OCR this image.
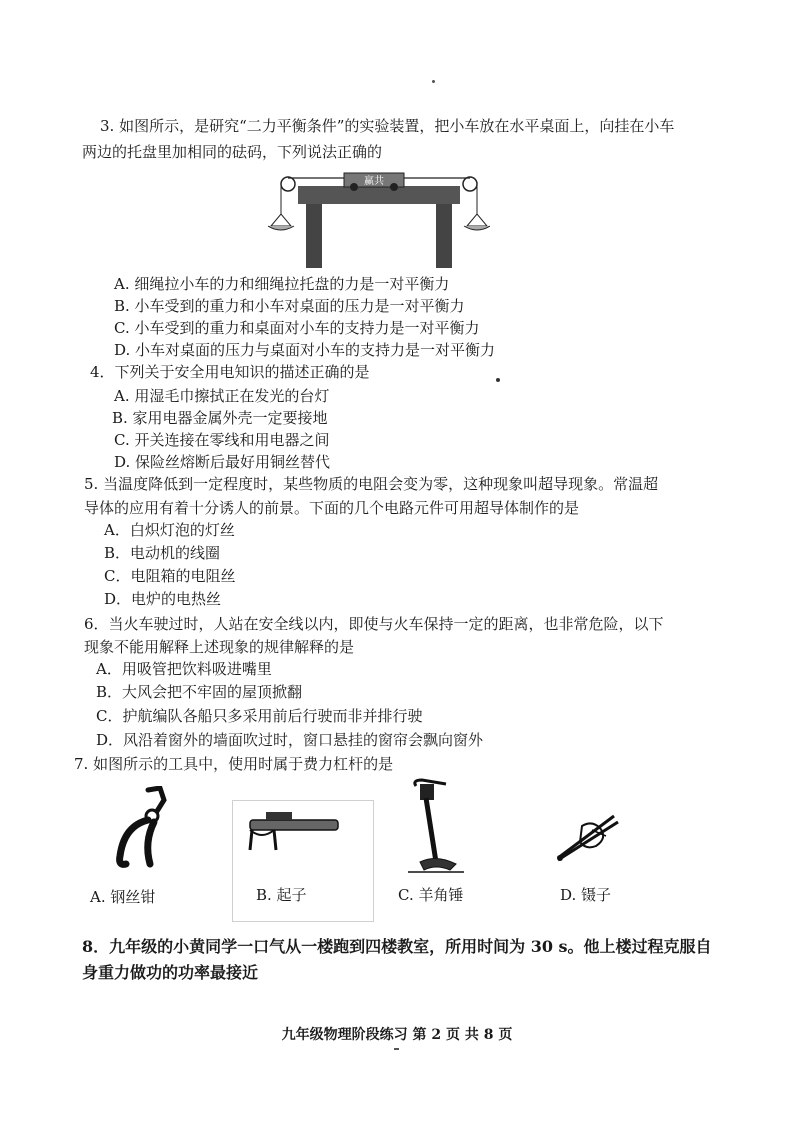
3. 如图所示，是研究“二力平衡条件”的实验装置，把小车放在水平桌面上，向挂在小车
两边的托盘里加相同的砝码，下列说法正确的
赢共
A. 细绳拉小车的力和细绳拉托盘的力是一对平衡力
B. 小车受到的重力和小车对桌面的压力是一对平衡力
C. 小车受到的重力和桌面对小车的支持力是一对平衡力
D. 小车对桌面的压力与桌面对小车的支持力是一对平衡力
4．下列关于安全用电知识的描述正确的是
A. 用湿毛巾擦拭正在发光的台灯
B. 家用电器金属外壳一定要接地
C. 开关连接在零线和用电器之间
D. 保险丝熔断后最好用铜丝替代
5. 当温度降低到一定程度时，某些物质的电阻会变为零，这种现象叫超导现象。常温超
导体的应用有着十分诱人的前景。下面的几个电路元件可用超导体制作的是
A．白炽灯泡的灯丝
B．电动机的线圈
C．电阻箱的电阻丝
D．电炉的电热丝
6．当火车驶过时，人站在安全线以内，即使与火车保持一定的距离，也非常危险，以下
现象不能用解释上述现象的规律解释的是
A．用吸管把饮料吸进嘴里
B．大风会把不牢固的屋顶掀翻
C．护航编队各船只多采用前后行驶而非并排行驶
D．风沿着窗外的墙面吹过时，窗口悬挂的窗帘会飘向窗外
7. 如图所示的工具中，使用时属于费力杠杆的是
A. 钢丝钳	B. 起子	C. 羊角锤	D. 镊子
8．九年级的小黄同学一口气从一楼跑到四楼教室，所用时间为 30 s。他上楼过程克服自
身重力做功的功率最接近
九年级物理阶段练习 第 2 页 共 8 页
